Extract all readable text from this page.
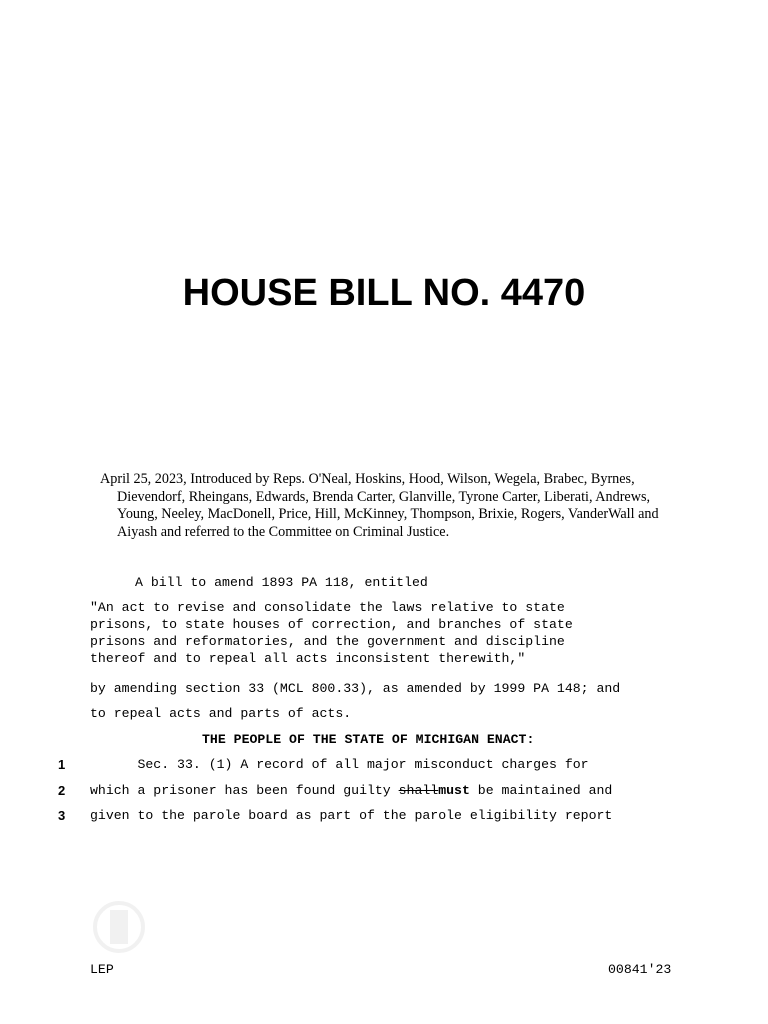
HOUSE BILL NO. 4470
April 25, 2023, Introduced by Reps. O'Neal, Hoskins, Hood, Wilson, Wegela, Brabec, Byrnes, Dievendorf, Rheingans, Edwards, Brenda Carter, Glanville, Tyrone Carter, Liberati, Andrews, Young, Neeley, MacDonell, Price, Hill, McKinney, Thompson, Brixie, Rogers, VanderWall and Aiyash and referred to the Committee on Criminal Justice.
A bill to amend 1893 PA 118, entitled
"An act to revise and consolidate the laws relative to state
prisons, to state houses of correction, and branches of state
prisons and reformatories, and the government and discipline
thereof and to repeal all acts inconsistent therewith,"
by amending section 33 (MCL 800.33), as amended by 1999 PA 148; and
to repeal acts and parts of acts.
THE PEOPLE OF THE STATE OF MICHIGAN ENACT:
1 Sec. 33. (1) A record of all major misconduct charges for
2 which a prisoner has been found guilty shallmust be maintained and
3 given to the parole board as part of the parole eligibility report
LEP	00841'23
